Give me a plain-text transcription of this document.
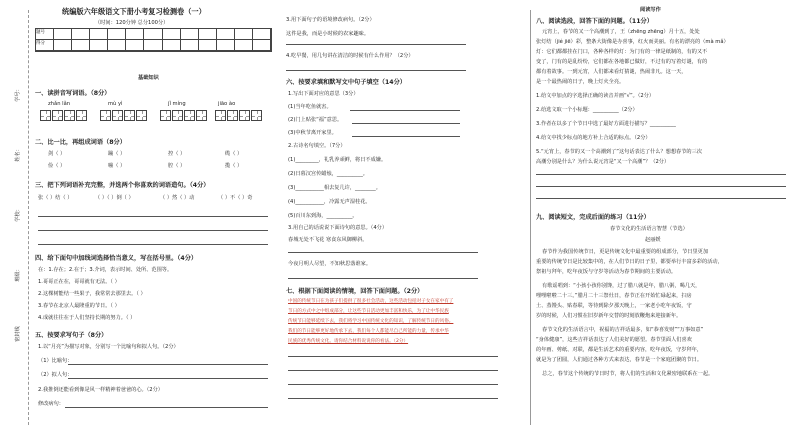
学号：
姓名：
学校：
班级：
密封线
统编版六年级语文下册小考复习检测卷（一）
（时间：120分钟 总分100分）
题号
得分
基础知识
一、读拼音写词语。（8分）
zhǎn lǎn	mù yì	jǐ míng	jiāo ào
二、比一比，再组成词语（8分）
剑（ ）	蹦（ ）	控（ ）	缆（ ）
俭（ ）	嘣（ ）	腔（ ）	揽（ ）
三、把下列词语补充完整，并选两个你喜欢的词语造句。（4分）
张（ ）结（ ）	（ ）（ ）倒（ ）	（ ）然（ ）动	（ ）不（ ）奇
四、给下面句中加线词选择恰当意义，写在括号里。（4分）
在：1.存在；2.在于；3.介词，表示时间、处所、范围等。
1.哥哥正在在，哥哥就有无法。（ ）
2.这棵树能结一些果子，我常常去那里去。（ ）
3.春节在北京人最隆重的节日。（ ）
4.成就往往在于人们坚持长期的努力。（ ）
五、按要求写句子（8分）
1.以“月亮”为描写对象，分别写一个比喻句和拟人句。（2分）
（1）比喻句：
（2）拟人句：
2.我推倒还能看到像是风一样精神着爸爸的心。（2分）
修改病句：
3.用下面句子的语境修改病句。（2分）
这件是我，而是小时候的农家趣味。
4.吃早餐，用几句讲在清洁的时候有什么作用？（2分）
六、按要求填和默写文中句子填空（14分）
1.写出下面对应的意思（3分）
(1)当年吃鱼就害。
(2)门上贴张“福”意思。
(3)中秋节离开家里。
2.古诗名句填空。（7分）
(1)_________，礼乳养顽鲜，将日不成嫌。
(2)日暮汉宫传蜡烛，__________。
(3)___________相去复几许，________。
(4)___________，冷露无声湿桂花。
(5)百川东到海，__________。
3.用自己的话说说下面诗句的意思。（4分）
春城无处不飞花 寒食东风御柳斜。
今夜月明人尽望，不知秋思落谁家。
七、根据下面阅读的情境，回答下面问题。（2分）
中国的传统节日在为孩子们提供了很多社会活动，这些活动包括对子女在家中有了
节日的方式中之中组成部分，让这些节日活动更加丰富和快乐，为了让中华民族
传统节日能够延续下去，我们将学习中国传统文化的知识，了解传统节日的风俗。
我们的节日能够更好地传承下去，我们每个人都能尽自己所能的力量，传承中华
民族的优秀传统文化。请你结合材料说说你的看法。（2分）
阅读写作
八、阅读选段，回答下面的问题。（11分）
元宵上，春节的又一个高潮到了，王（zhēng zhēng）月十五，处处
张灯结（jié jiē）彩，整条大街像是办喜事，红火而美丽。有名的漂亮的（mà mǎ）
灯：它们都都挂在门口，各种各样的灯：为门有的一律是纸制的，有的又不
变了，门有的是乱纷纷，它们都在各地都已做好，不过有的写着灯谜，有的
都有着故事。一到元宵，人们都来看灯猜谜，热闹非凡。这一天，
是一个最热闹的日子，晚上灯火全亮。
1.给文中加点的字选择正确的读音并画“√”。（2分）
2.给选文取一个小标题：__________（2分）
3.作者在以多了个节日中选了最好方面进行描写？__________
4.给文中找少标点的地方补上合适的标点。（2分）
5.“元宵上，春节的又一个高潮到了”这句话表达了什么？想想春节的三次
高潮分别是什么？为什么说元宵是“又一个高潮”？（2分）
九、阅读短文，完成后面的练习（11分）
春节文化的生活语言智慧（节选）
赵丽媛
春节作为我国传统节日，更是传统文化中最重要的组成部分，节日里更加
重要的传统节日是比较集中的，在人们节日的日子里，都要举行丰富多彩的活动，
祭祖与拜年，吃年夜饭与守岁等活动为春节期间的主要活动。
有歌谣唱到：“小孩小孩你别馋，过了腊八就是年，腊八粥，喝几天，
哩哩啦啦二十三。”腊月二十三祭灶日，春节正在开始忙碌起来，扫房
土、蒸馒头、贴春联，等待到除夕那天晚上，一家老小吃年夜饭，守
岁的时候，人们习惯在旧岁新年交替的时刻放鞭炮来迎接新年。
春节文化的生活语言中，祝福的吉祥话最多，如“恭喜发财”“万事如意”
“身体健康”，这些吉祥话表达了人们美好的愿望。春节里面人们喜欢
的年画、剪纸、对联，都是生活艺术的重要内容，吃年夜饭，守岁拜年，
就是为了团圆，人们通过各种方式来表达，春节是一个家庭团聚的节日。
总之，春节这个传统的节日时节，将人们的生活和文化紧密地联系在一起。
